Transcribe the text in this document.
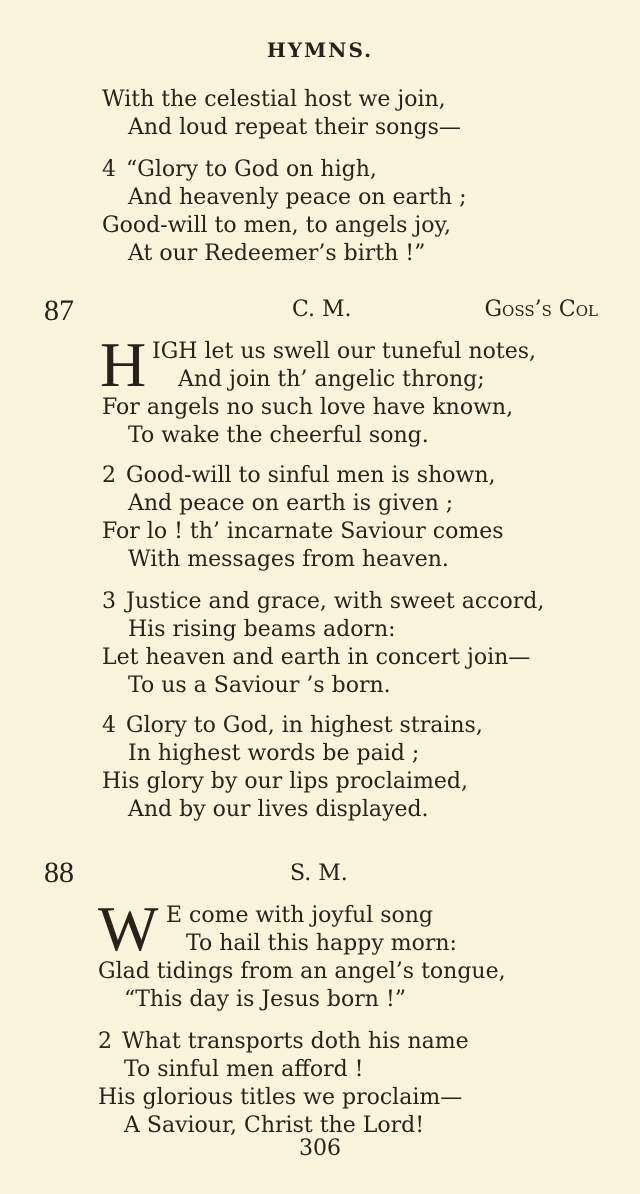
HYMNS.
With the celestial host we join,
And loud repeat their songs—
4 “Glory to God on high,
And heavenly peace on earth ;
Good-will to men, to angels joy,
At our Redeemer’s birth !”
87	C. M.	Goss’s Col
H IGH let us swell our tuneful notes,
And join th’ angelic throng;
For angels no such love have known,
To wake the cheerful song.
2 Good-will to sinful men is shown,
And peace on earth is given ;
For lo ! th’ incarnate Saviour comes
With messages from heaven.
3 Justice and grace, with sweet accord,
His rising beams adorn:
Let heaven and earth in concert join—
To us a Saviour ’s born.
4 Glory to God, in highest strains,
In highest words be paid ;
His glory by our lips proclaimed,
And by our lives displayed.
88	S. M.
W E come with joyful song
To hail this happy morn:
Glad tidings from an angel’s tongue,
“This day is Jesus born !”
2 What transports doth his name
To sinful men afford !
His glorious titles we proclaim—
A Saviour, Christ the Lord!
306
